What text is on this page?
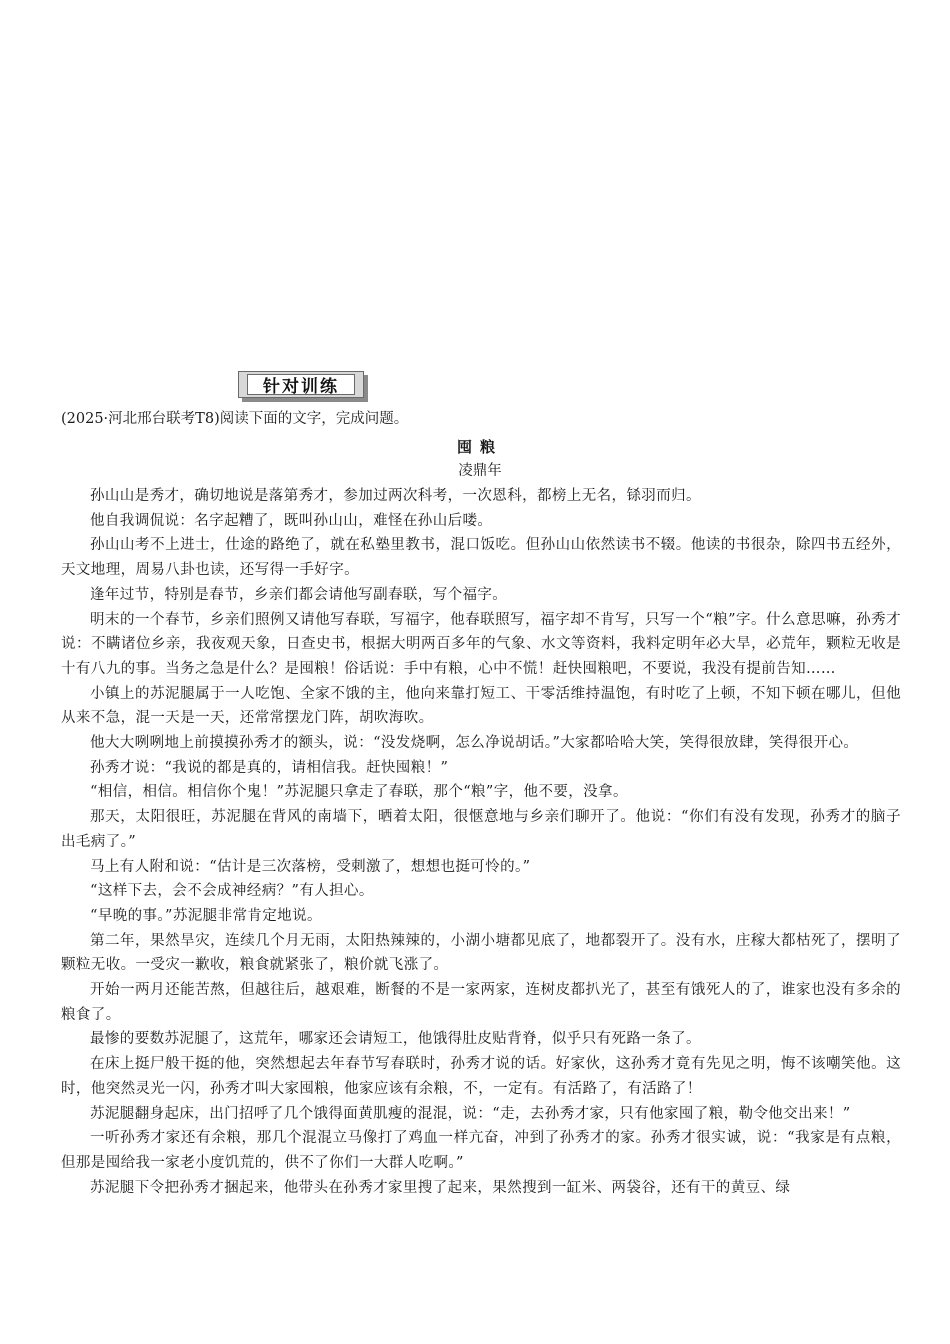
针对训练
(2025·河北邢台联考T8)阅读下面的文字，完成问题。
囤粮
凌鼎年

孙山山是秀才，确切地说是落第秀才，参加过两次科考，一次恩科，都榜上无名，铩羽而归。

他自我调侃说：名字起糟了，既叫孙山山，难怪在孙山后喽。

孙山山考不上进士，仕途的路绝了，就在私塾里教书，混口饭吃。但孙山山依然读书不辍。他读的书很杂，除四书五经外，天文地理，周易八卦也读，还写得一手好字。

逢年过节，特别是春节，乡亲们都会请他写副春联，写个福字。

明末的一个春节，乡亲们照例又请他写春联，写福字，他春联照写，福字却不肯写，只写一个“粮”字。什么意思嘛，孙秀才说：不瞒诸位乡亲，我夜观天象，日查史书，根据大明两百多年的气象、水文等资料，我料定明年必大旱，必荒年，颗粒无收是十有八九的事。当务之急是什么？是囤粮！俗话说：手中有粮，心中不慌！赶快囤粮吧，不要说，我没有提前告知……

小镇上的苏泥腿属于一人吃饱、全家不饿的主，他向来靠打短工、干零活维持温饱，有时吃了上顿，不知下顿在哪儿，但他从来不急，混一天是一天，还常常摆龙门阵，胡吹海吹。

他大大咧咧地上前摸摸孙秀才的额头，说：“没发烧啊，怎么净说胡话。”大家都哈哈大笑，笑得很放肆，笑得很开心。

孙秀才说：“我说的都是真的，请相信我。赶快囤粮！”

“相信，相信。相信你个鬼！”苏泥腿只拿走了春联，那个“粮”字，他不要，没拿。

那天，太阳很旺，苏泥腿在背风的南墙下，晒着太阳，很惬意地与乡亲们聊开了。他说：“你们有没有发现，孙秀才的脑子出毛病了。”

马上有人附和说：“估计是三次落榜，受刺激了，想想也挺可怜的。”

“这样下去，会不会成神经病？”有人担心。

“早晚的事。”苏泥腿非常肯定地说。

第二年，果然旱灾，连续几个月无雨，太阳热辣辣的，小湖小塘都见底了，地都裂开了。没有水，庄稼大都枯死了，摆明了颗粒无收。一受灾一歉收，粮食就紧张了，粮价就飞涨了。

开始一两月还能苦熬，但越往后，越艰难，断餐的不是一家两家，连树皮都扒光了，甚至有饿死人的了，谁家也没有多余的粮食了。

最惨的要数苏泥腿了，这荒年，哪家还会请短工，他饿得肚皮贴背脊，似乎只有死路一条了。

在床上挺尸般干挺的他，突然想起去年春节写春联时，孙秀才说的话。好家伙，这孙秀才竟有先见之明，悔不该嘲笑他。这时，他突然灵光一闪，孙秀才叫大家囤粮，他家应该有余粮，不，一定有。有活路了，有活路了！

苏泥腿翻身起床，出门招呼了几个饿得面黄肌瘦的混混，说：“走，去孙秀才家，只有他家囤了粮，勒令他交出来！”

一听孙秀才家还有余粮，那几个混混立马像打了鸡血一样亢奋，冲到了孙秀才的家。孙秀才很实诚，说：“我家是有点粮，但那是囤给我一家老小度饥荒的，供不了你们一大群人吃啊。”

苏泥腿下令把孙秀才捆起来，他带头在孙秀才家里搜了起来，果然搜到一缸米、两袋谷，还有干的黄豆、绿
